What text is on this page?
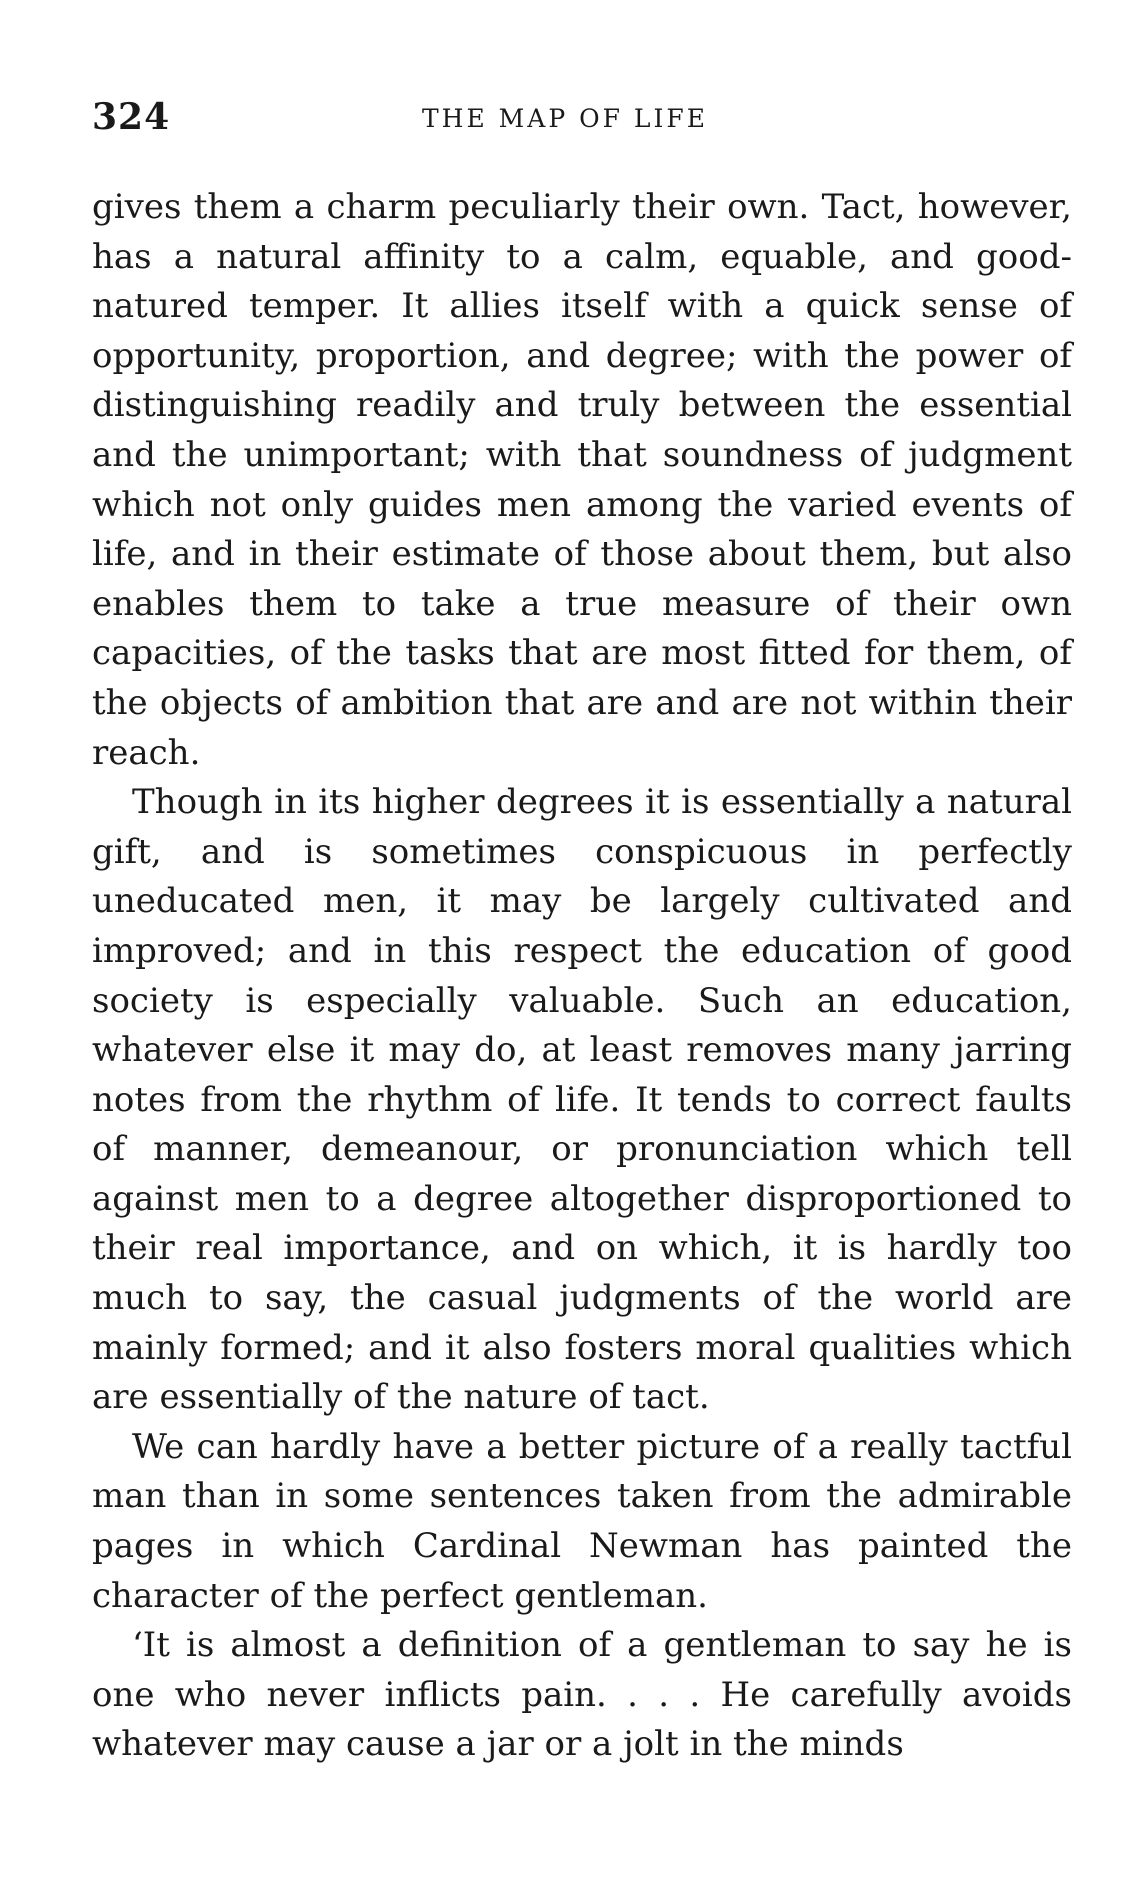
324	THE MAP OF LIFE

gives them a charm peculiarly their own. Tact, however, has a natural affinity to a calm, equable, and good-natured temper. It allies itself with a quick sense of opportunity, proportion, and degree; with the power of distinguishing readily and truly between the essential and the unimportant; with that soundness of judgment which not only guides men among the varied events of life, and in their estimate of those about them, but also enables them to take a true measure of their own capacities, of the tasks that are most fitted for them, of the objects of ambition that are and are not within their reach.

Though in its higher degrees it is essentially a natural gift, and is sometimes conspicuous in perfectly uneducated men, it may be largely cultivated and improved; and in this respect the education of good society is especially valuable. Such an education, whatever else it may do, at least removes many jarring notes from the rhythm of life. It tends to correct faults of manner, demeanour, or pronunciation which tell against men to a degree altogether disproportioned to their real importance, and on which, it is hardly too much to say, the casual judgments of the world are mainly formed; and it also fosters moral qualities which are essentially of the nature of tact.

We can hardly have a better picture of a really tactful man than in some sentences taken from the admirable pages in which Cardinal Newman has painted the character of the perfect gentleman.

‘It is almost a definition of a gentleman to say he is one who never inflicts pain. . . . He carefully avoids whatever may cause a jar or a jolt in the minds
